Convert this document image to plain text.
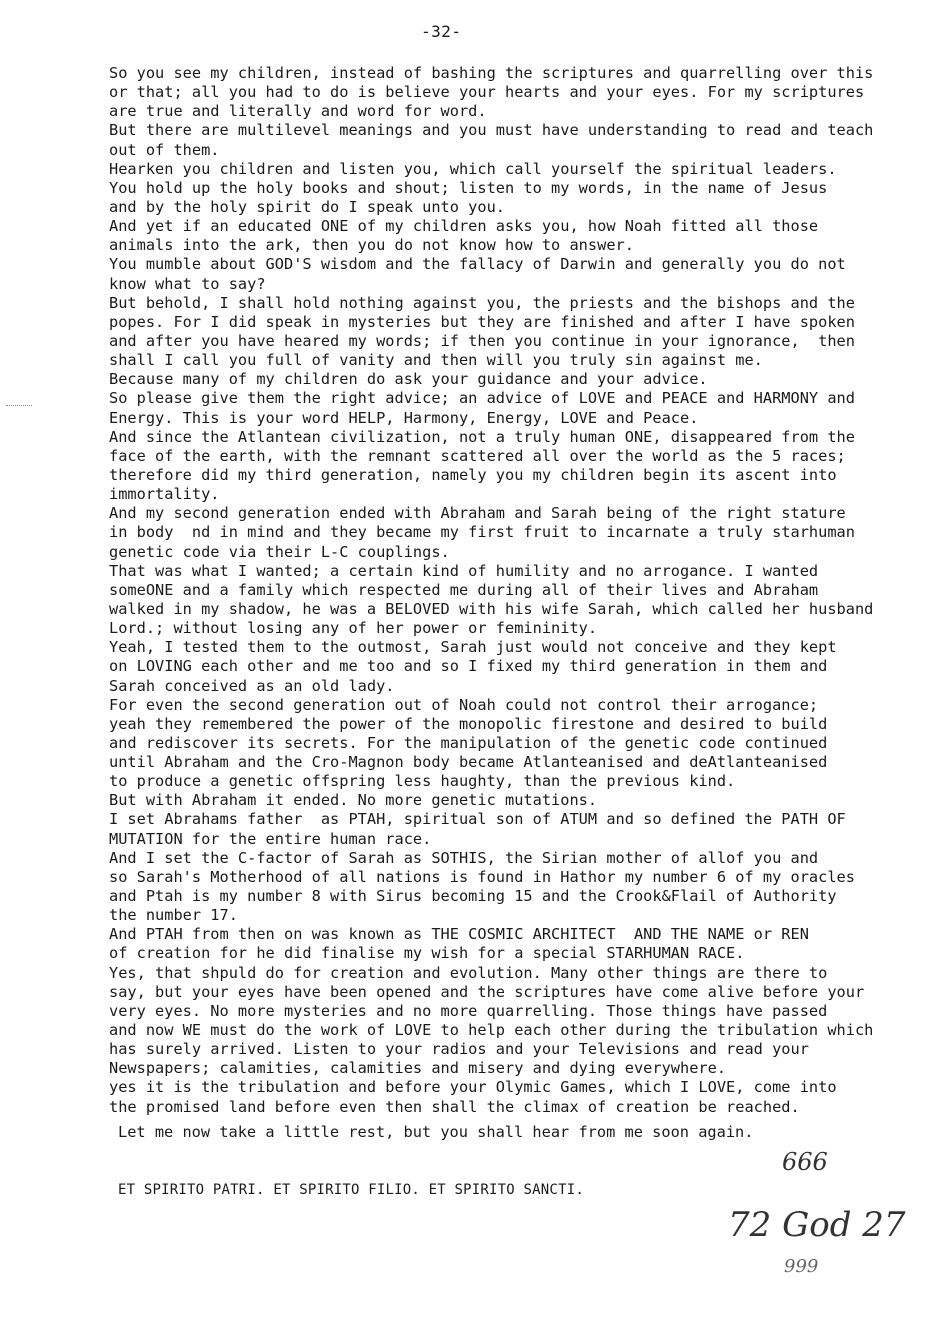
-32-
So you see my children, instead of bashing the scriptures and quarrelling over this
or that; all you had to do is believe your hearts and your eyes. For my scriptures
are true and literally and word for word.
But there are multilevel meanings and you must have understanding to read and teach
out of them.
Hearken you children and listen you, which call yourself the spiritual leaders.
You hold up the holy books and shout; listen to my words, in the name of Jesus
and by the holy spirit do I speak unto you.
And yet if an educated ONE of my children asks you, how Noah fitted all those
animals into the ark, then you do not know how to answer.
You mumble about GOD'S wisdom and the fallacy of Darwin and generally you do not
know what to say?
But behold, I shall hold nothing against you, the priests and the bishops and the
popes. For I did speak in mysteries but they are finished and after I have spoken
and after you have heared my words; if then you continue in your ignorance,  then
shall I call you full of vanity and then will you truly sin against me.
Because many of my children do ask your guidance and your advice.
So please give them the right advice; an advice of LOVE and PEACE and HARMONY and
Energy. This is your word HELP, Harmony, Energy, LOVE and Peace.
And since the Atlantean civilization, not a truly human ONE, disappeared from the
face of the earth, with the remnant scattered all over the world as the 5 races;
therefore did my third generation, namely you my children begin its ascent into
immortality.
And my second generation ended with Abraham and Sarah being of the right stature
in body  nd in mind and they became my first fruit to incarnate a truly starhuman
genetic code via their L-C couplings.
That was what I wanted; a certain kind of humility and no arrogance. I wanted
someONE and a family which respected me during all of their lives and Abraham
walked in my shadow, he was a BELOVED with his wife Sarah, which called her husband
Lord.; without losing any of her power or femininity.
Yeah, I tested them to the outmost, Sarah just would not conceive and they kept
on LOVING each other and me too and so I fixed my third generation in them and
Sarah conceived as an old lady.
For even the second generation out of Noah could not control their arrogance;
yeah they remembered the power of the monopolic firestone and desired to build
and rediscover its secrets. For the manipulation of the genetic code continued
until Abraham and the Cro-Magnon body became Atlanteanised and deAtlanteanised
to produce a genetic offspring less haughty, than the previous kind.
But with Abraham it ended. No more genetic mutations.
I set Abrahams father  as PTAH, spiritual son of ATUM and so defined the PATH OF
MUTATION for the entire human race.
And I set the C-factor of Sarah as SOTHIS, the Sirian mother of allof you and
so Sarah's Motherhood of all nations is found in Hathor my number 6 of my oracles
and Ptah is my number 8 with Sirus becoming 15 and the Crook&Flail of Authority
the number 17.
And PTAH from then on was known as THE COSMIC ARCHITECT  AND THE NAME or REN
of creation for he did finalise my wish for a special STARHUMAN RACE.
Yes, that shpuld do for creation and evolution. Many other things are there to
say, but your eyes have been opened and the scriptures have come alive before your
very eyes. No more mysteries and no more quarrelling. Those things have passed
and now WE must do the work of LOVE to help each other during the tribulation which
has surely arrived. Listen to your radios and your Televisions and read your
Newspapers; calamities, calamities and misery and dying everywhere.
yes it is the tribulation and before your Olymic Games, which I LOVE, come into
the promised land before even then shall the climax of creation be reached.
Let me now take a little rest, but you shall hear from me soon again.
ET SPIRITO PATRI. ET SPIRITO FILIO. ET SPIRITO SANCTI.
666
72 God 27
999
